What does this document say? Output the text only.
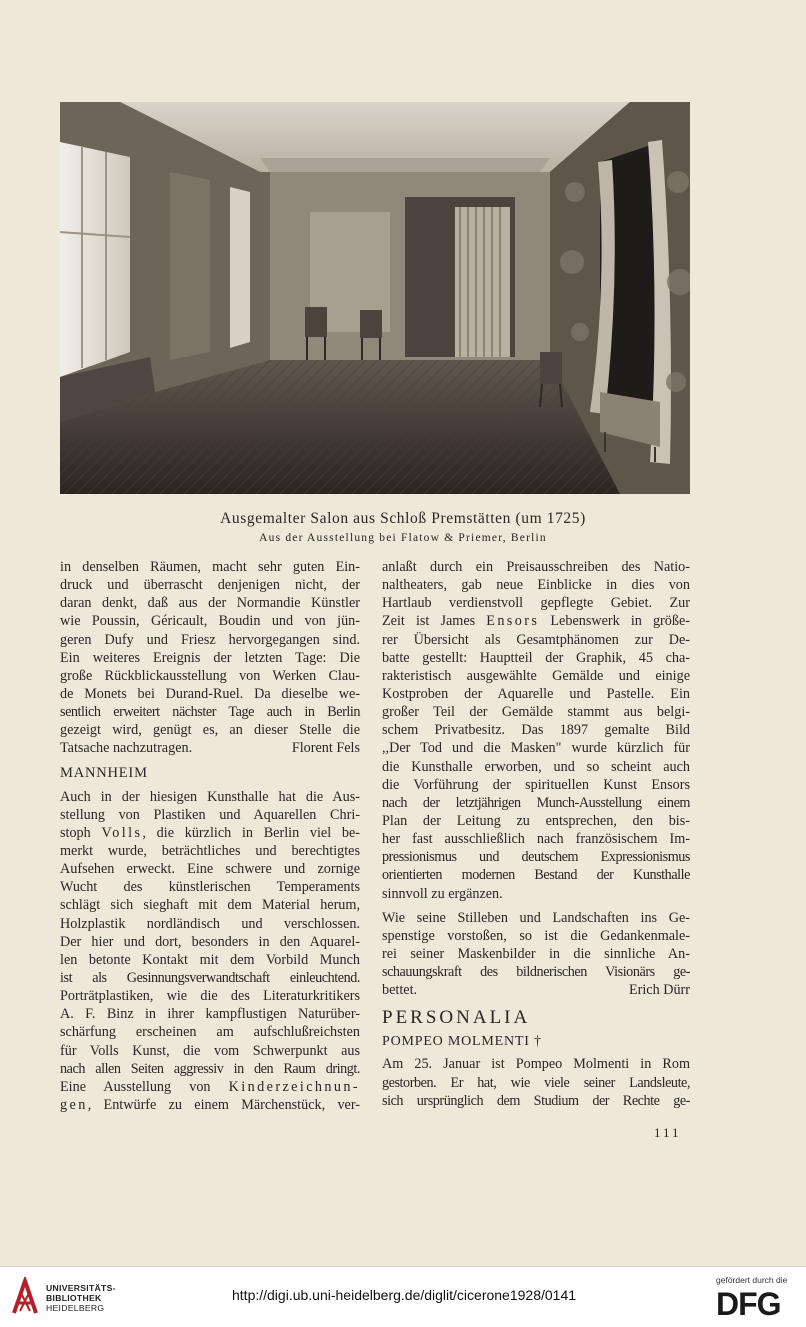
Ausgemalter Salon aus Schloß Premstätten (um 1725)
Aus der Ausstellung bei Flatow & Priemer, Berlin
in denselben Räumen, macht sehr guten Ein-
druck und überrascht denjenigen nicht, der
daran denkt, daß aus der Normandie Künstler
wie Poussin, Géricault, Boudin und von jün-
geren Dufy und Friesz hervorgegangen sind.
Ein weiteres Ereignis der letzten Tage: Die
große Rückblickausstellung von Werken Clau-
de Monets bei Durand-Ruel. Da dieselbe we-
sentlich erweitert nächster Tage auch in Berlin
gezeigt wird, genügt es, an dieser Stelle die
Tatsache nachzutragen.	Florent Fels
MANNHEIM
Auch in der hiesigen Kunsthalle hat die Aus-
stellung von Plastiken und Aquarellen Chri-
stoph Volls, die kürzlich in Berlin viel be-
merkt wurde, beträchtliches und berechtigtes
Aufsehen erweckt. Eine schwere und zornige
Wucht des künstlerischen Temperaments
schlägt sich sieghaft mit dem Material herum,
Holzplastik nordländisch und verschlossen.
Der hier und dort, besonders in den Aquarel-
len betonte Kontakt mit dem Vorbild Munch
ist als Gesinnungsverwandtschaft einleuchtend.
Porträtplastiken, wie die des Literaturkritikers
A. F. Binz in ihrer kampflustigen Naturüber-
schärfung erscheinen am aufschlußreichsten
für Volls Kunst, die vom Schwerpunkt aus
nach allen Seiten aggressiv in den Raum dringt.
Eine Ausstellung von Kinderzeichnun-
gen, Entwürfe zu einem Märchenstück, ver-
anlaßt durch ein Preisausschreiben des Natio-
naltheaters, gab neue Einblicke in dies von
Hartlaub verdienstvoll gepflegte Gebiet. Zur
Zeit ist James Ensors Lebenswerk in größe-
rer Übersicht als Gesamtphänomen zur De-
batte gestellt: Hauptteil der Graphik, 45 cha-
rakteristisch ausgewählte Gemälde und einige
Kostproben der Aquarelle und Pastelle. Ein
großer Teil der Gemälde stammt aus belgi-
schem Privatbesitz. Das 1897 gemalte Bild
,,Der Tod und die Masken" wurde kürzlich für
die Kunsthalle erworben, und so scheint auch
die Vorführung der spirituellen Kunst Ensors
nach der letztjährigen Munch-Ausstellung einem
Plan der Leitung zu entsprechen, den bis-
her fast ausschließlich nach französischem Im-
pressionismus und deutschem Expressionismus
orientierten modernen Bestand der Kunsthalle
sinnvoll zu ergänzen.
Wie seine Stilleben und Landschaften ins Ge-
spenstige vorstoßen, so ist die Gedankenmale-
rei seiner Maskenbilder in die sinnliche An-
schauungskraft des bildnerischen Visionärs ge-
bettet.	Erich Dürr
PERSONALIA
POMPEO MOLMENTI †
Am 25. Januar ist Pompeo Molmenti in Rom
gestorben. Er hat, wie viele seiner Landsleute,
sich ursprünglich dem Studium der Rechte ge-
111
UNIVERSITÄTS-
BIBLIOTHEK
HEIDELBERG
http://digi.ub.uni-heidelberg.de/diglit/cicerone1928/0141
gefördert durch die
DFG
